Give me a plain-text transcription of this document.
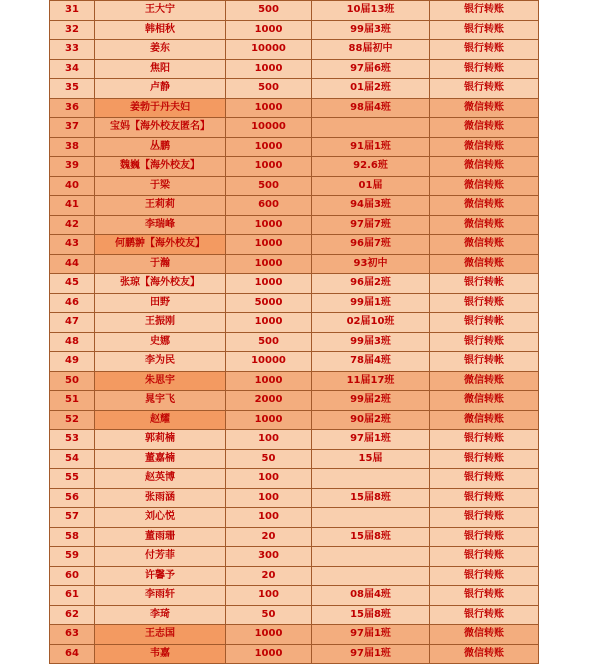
31	王大宁	500	10届13班	银行转账
32	韩相秋	1000	99届3班	银行转账
33	姜东	10000	88届初中	银行转账
34	焦阳	1000	97届6班	银行转账
35	卢静	500	01届2班	银行转账
36	姜勃于丹夫妇	1000	98届4班	微信转账
37	宝妈【海外校友匿名】	10000		微信转账
38	丛鹏	1000	91届1班	微信转账
39	魏巍【海外校友】	1000	92.6班	微信转账
40	于梁	500	01届	微信转账
41	王莉莉	600	94届3班	微信转账
42	李瑞峰	1000	97届7班	微信转账
43	何鹏翀【海外校友】	1000	96届7班	微信转账
44	于瀚	1000	93初中	微信转账
45	张琼【海外校友】	1000	96届2班	银行转帐
46	田野	5000	99届1班	银行转账
47	王振刚	1000	02届10班	银行转帐
48	史娜	500	99届3班	银行转账
49	李为民	10000	78届4班	银行转帐
50	朱思宇	1000	11届17班	微信转账
51	晁宇飞	2000	99届2班	微信转账
52	赵耀	1000	90届2班	微信转账
53	郭莉楠	100	97届1班	银行转账
54	董嘉楠	50	15届	银行转账
55	赵英博	100		银行转账
56	张雨涵	100	15届8班	银行转账
57	刘心悦	100		银行转账
58	董雨珊	20	15届8班	银行转账
59	付芳菲	300		银行转账
60	许馨予	20		银行转账
61	李雨轩	100	08届4班	银行转账
62	李琦	50	15届8班	银行转账
63	王志国	1000	97届1班	微信转账
64	韦嘉	1000	97届1班	微信转账
